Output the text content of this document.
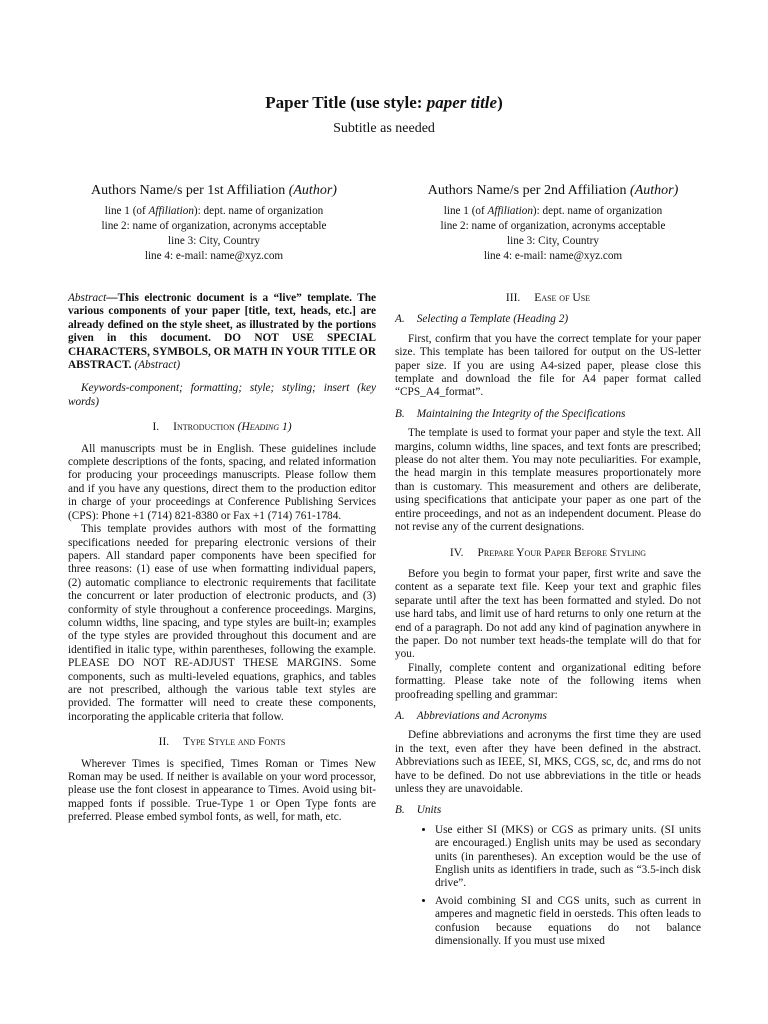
Paper Title (use style: paper title)
Subtitle as needed
Authors Name/s per 1st Affiliation (Author)
line 1 (of Affiliation): dept. name of organization
line 2: name of organization, acronyms acceptable
line 3: City, Country
line 4: e-mail: name@xyz.com
Authors Name/s per 2nd Affiliation (Author)
line 1 (of Affiliation): dept. name of organization
line 2: name of organization, acronyms acceptable
line 3: City, Country
line 4: e-mail: name@xyz.com

Abstract—This electronic document is a “live” template. The various components of your paper [title, text, heads, etc.] are already defined on the style sheet, as illustrated by the portions given in this document. DO NOT USE SPECIAL CHARACTERS, SYMBOLS, OR MATH IN YOUR TITLE OR ABSTRACT. (Abstract)

Keywords-component; formatting; style; styling; insert (key words)

I. Introduction (Heading 1)

All manuscripts must be in English. These guidelines include complete descriptions of the fonts, spacing, and related information for producing your proceedings manuscripts. Please follow them and if you have any questions, direct them to the production editor in charge of your proceedings at Conference Publishing Services (CPS): Phone +1 (714) 821-8380 or Fax +1 (714) 761-1784.

This template provides authors with most of the formatting specifications needed for preparing electronic versions of their papers. All standard paper components have been specified for three reasons: (1) ease of use when formatting individual papers, (2) automatic compliance to electronic requirements that facilitate the concurrent or later production of electronic products, and (3) conformity of style throughout a conference proceedings. Margins, column widths, line spacing, and type styles are built-in; examples of the type styles are provided throughout this document and are identified in italic type, within parentheses, following the example. PLEASE DO NOT RE-ADJUST THESE MARGINS. Some components, such as multi-leveled equations, graphics, and tables are not prescribed, although the various table text styles are provided. The formatter will need to create these components, incorporating the applicable criteria that follow.

II. Type Style and Fonts

Wherever Times is specified, Times Roman or Times New Roman may be used. If neither is available on your word processor, please use the font closest in appearance to Times. Avoid using bit-mapped fonts if possible. True-Type 1 or Open Type fonts are preferred. Please embed symbol fonts, as well, for math, etc.

III. Ease of Use
A. Selecting a Template (Heading 2)

First, confirm that you have the correct template for your paper size. This template has been tailored for output on the US-letter paper size. If you are using A4-sized paper, please close this template and download the file for A4 paper format called “CPS_A4_format”.

B. Maintaining the Integrity of the Specifications

The template is used to format your paper and style the text. All margins, column widths, line spaces, and text fonts are prescribed; please do not alter them. You may note peculiarities. For example, the head margin in this template measures proportionately more than is customary. This measurement and others are deliberate, using specifications that anticipate your paper as one part of the entire proceedings, and not as an independent document. Please do not revise any of the current designations.

IV. Prepare Your Paper Before Styling

Before you begin to format your paper, first write and save the content as a separate text file. Keep your text and graphic files separate until after the text has been formatted and styled. Do not use hard tabs, and limit use of hard returns to only one return at the end of a paragraph. Do not add any kind of pagination anywhere in the paper. Do not number text heads-the template will do that for you.

Finally, complete content and organizational editing before formatting. Please take note of the following items when proofreading spelling and grammar:

A. Abbreviations and Acronyms

Define abbreviations and acronyms the first time they are used in the text, even after they have been defined in the abstract. Abbreviations such as IEEE, SI, MKS, CGS, sc, dc, and rms do not have to be defined. Do not use abbreviations in the title or heads unless they are unavoidable.

B. Units
• Use either SI (MKS) or CGS as primary units. (SI units are encouraged.) English units may be used as secondary units (in parentheses). An exception would be the use of English units as identifiers in trade, such as “3.5-inch disk drive”.
• Avoid combining SI and CGS units, such as current in amperes and magnetic field in oersteds. This often leads to confusion because equations do not balance dimensionally. If you must use mixed
